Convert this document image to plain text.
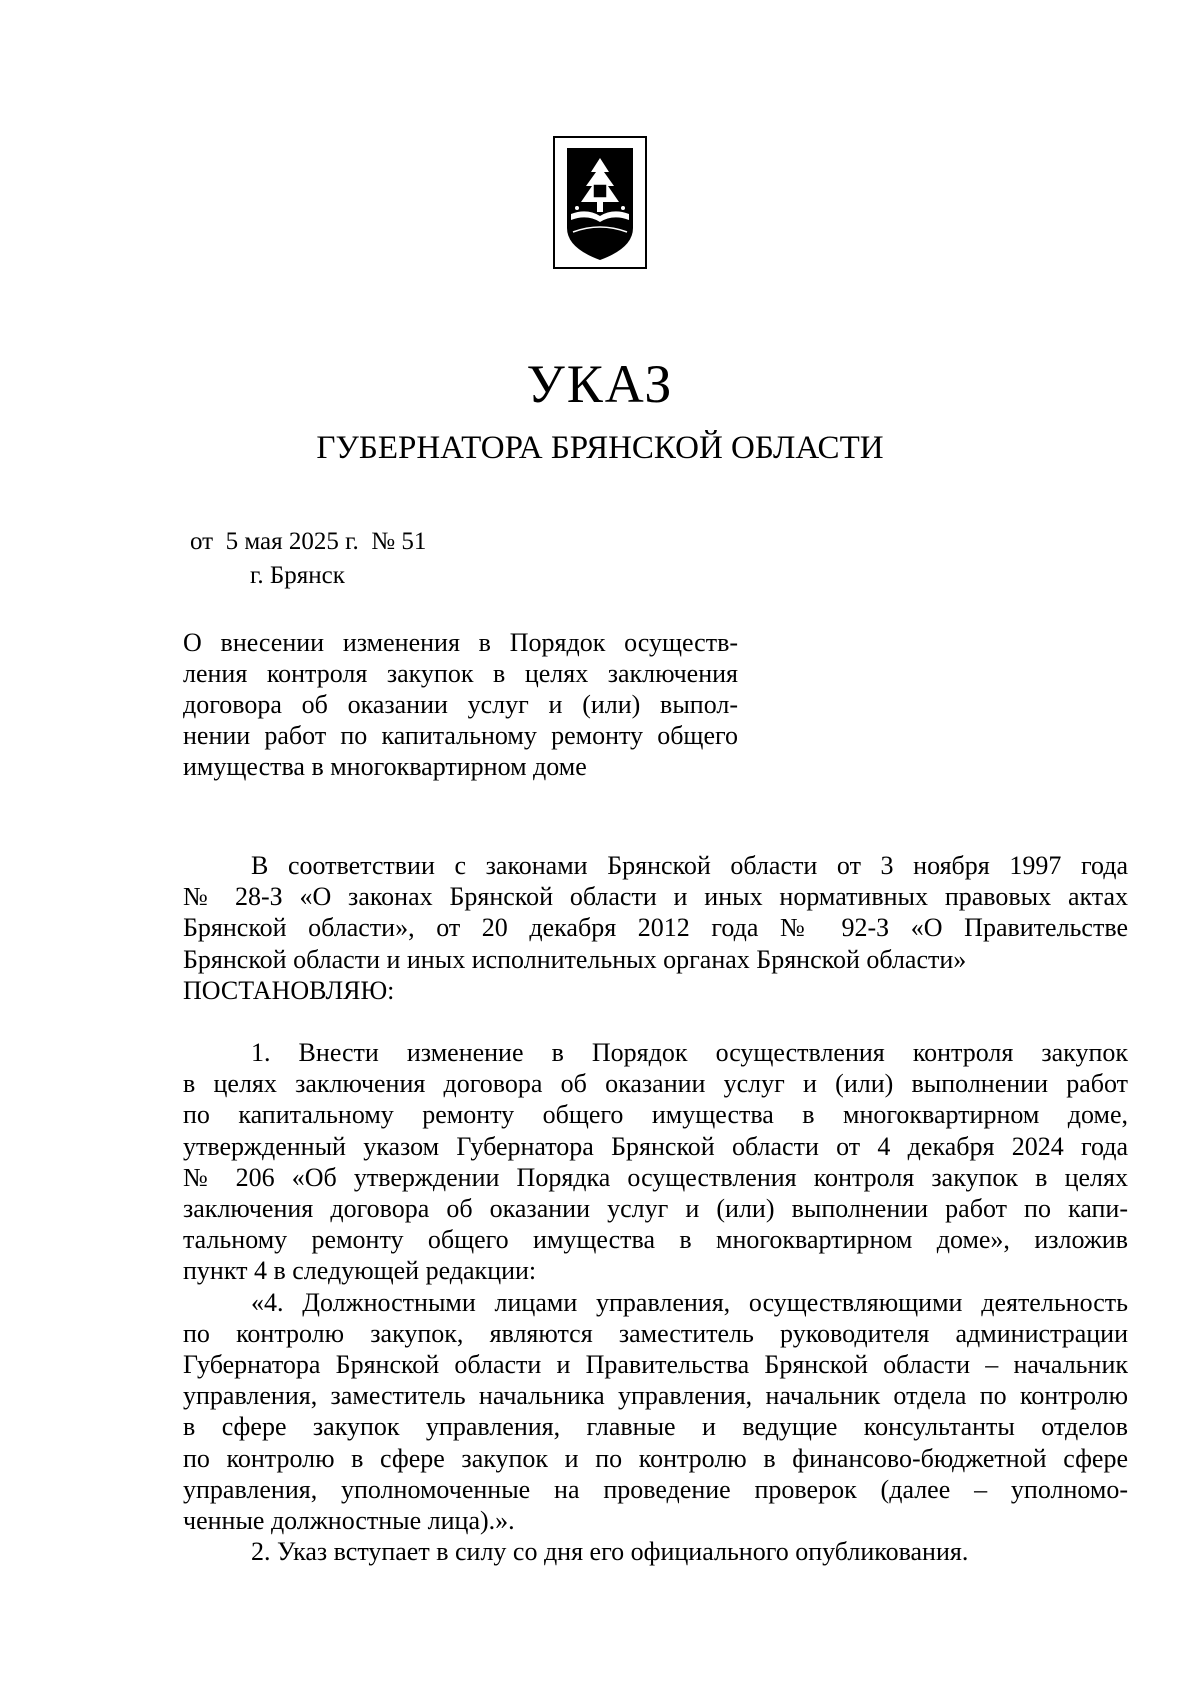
УКАЗ
ГУБЕРНАТОРА БРЯНСКОЙ ОБЛАСТИ
от  5 мая 2025 г.  № 51
г. Брянск
О внесении изменения в Порядок осуществ-
ления контроля закупок в целях заключения
договора об оказании услуг и (или) выпол-
нении работ по капитальному ремонту общего
имущества в многоквартирном доме

В соответствии с законами Брянской области от 3 ноября 1997 года
№ 28-З «О законах Брянской области и иных нормативных правовых актах
Брянской области», от 20 декабря 2012 года № 92-З «О Правительстве
Брянской области и иных исполнительных органах Брянской области»
ПОСТАНОВЛЯЮ:

1. Внести изменение в Порядок осуществления контроля закупок
в целях заключения договора об оказании услуг и (или) выполнении работ
по капитальному ремонту общего имущества в многоквартирном доме,
утвержденный указом Губернатора Брянской области от 4 декабря 2024 года
№ 206 «Об утверждении Порядка осуществления контроля закупок в целях
заключения договора об оказании услуг и (или) выполнении работ по капи-
тальному ремонту общего имущества в многоквартирном доме», изложив
пункт 4 в следующей редакции:

«4. Должностными лицами управления, осуществляющими деятельность
по контролю закупок, являются заместитель руководителя администрации
Губернатора Брянской области и Правительства Брянской области – начальник
управления, заместитель начальника управления, начальник отдела по контролю
в сфере закупок управления, главные и ведущие консультанты отделов
по контролю в сфере закупок и по контролю в финансово-бюджетной сфере
управления, уполномоченные на проведение проверок (далее – уполномо-
ченные должностные лица).».

2. Указ вступает в силу со дня его официального опубликования.
